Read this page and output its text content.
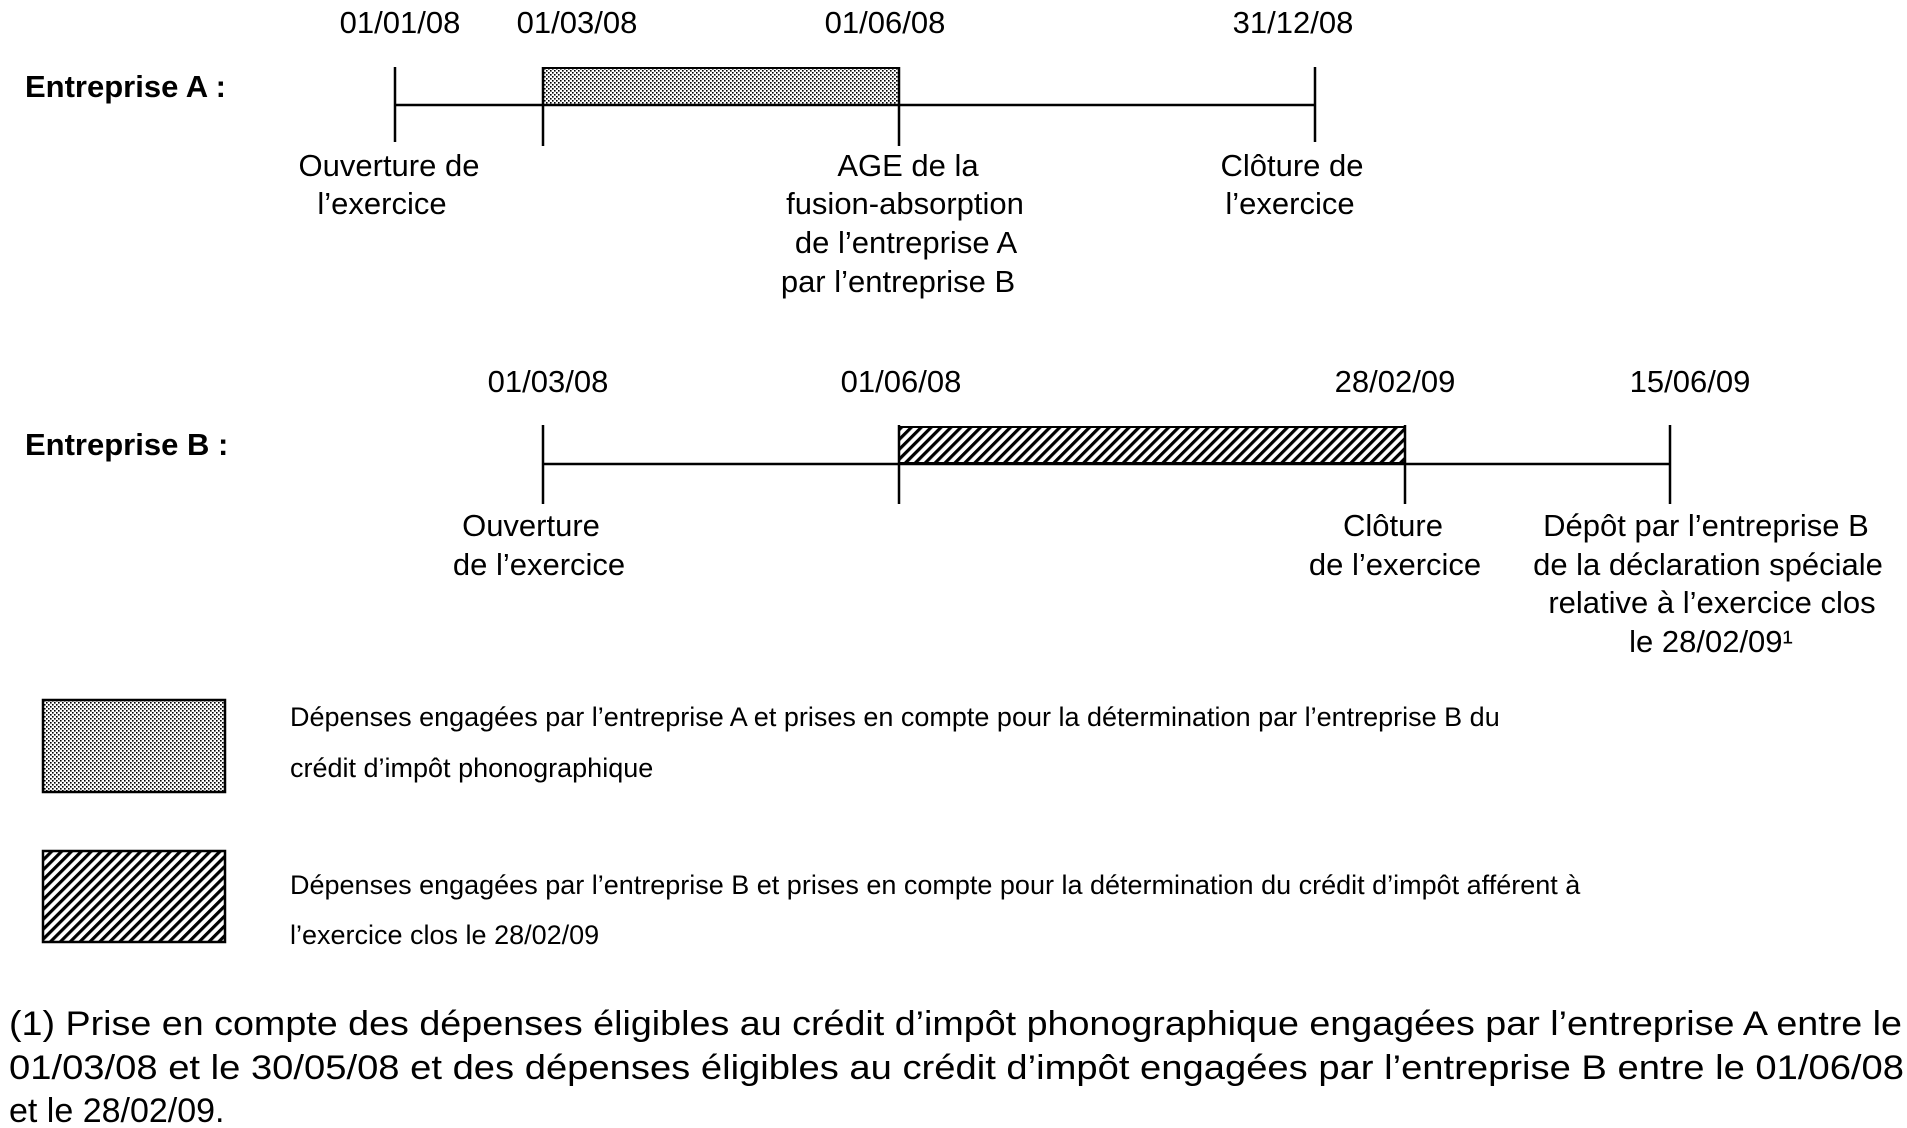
Entreprise A :
01/01/08 01/03/08	01/06/08	31/12/08
Ouverture de
l’exercice
AGE de la
fusion-absorption
de l’entreprise A
par l’entreprise B
Clôture de
l’exercice
Entreprise B :
01/03/08	01/06/08	28/02/09	15/06/09
Ouverture
de l’exercice
Clôture
de l’exercice
Dépôt par l’entreprise B
de la déclaration spéciale
relative à l’exercice clos
le 28/02/09¹
Dépenses engagées par l’entreprise A et prises en compte pour la détermination par l’entreprise B du
crédit d’impôt phonographique
Dépenses engagées par l’entreprise B et prises en compte pour la détermination du crédit d’impôt afférent à
l’exercice clos le 28/02/09
(1) Prise en compte des dépenses éligibles au crédit d’impôt phonographique engagées par l’entreprise A entre le
01/03/08 et le 30/05/08 et des dépenses éligibles au crédit d’impôt engagées par l’entreprise B entre le 01/06/08
et le 28/02/09.
